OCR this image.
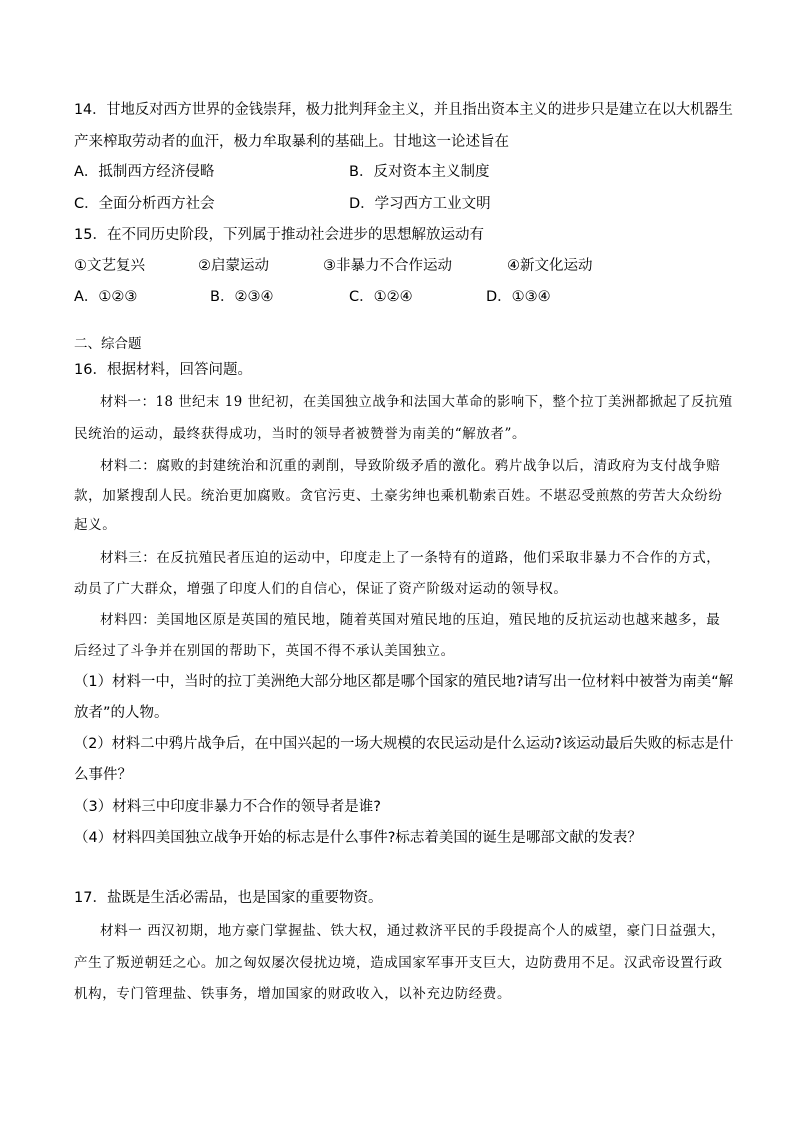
14．甘地反对西方世界的金钱崇拜，极力批判拜金主义，并且指出资本主义的进步只是建立在以大机器生
产来榨取劳动者的血汗，极力牟取暴利的基础上。甘地这一论述旨在
A．抵制西方经济侵略	B．反对资本主义制度
C．全面分析西方社会	D．学习西方工业文明
15．在不同历史阶段，下列属于推动社会进步的思想解放运动有
①文艺复兴	②启蒙运动	③非暴力不合作运动	④新文化运动
A．①②③	B．②③④	C．①②④	D．①③④
二、综合题
16．根据材料，回答问题。
材料一：18 世纪末 19 世纪初，在美国独立战争和法国大革命的影响下，整个拉丁美洲都掀起了反抗殖
民统治的运动，最终获得成功，当时的领导者被赞誉为南美的“解放者”。
材料二：腐败的封建统治和沉重的剥削，导致阶级矛盾的激化。鸦片战争以后，清政府为支付战争赔
款，加紧搜刮人民。统治更加腐败。贪官污吏、土豪劣绅也乘机勒索百姓。不堪忍受煎熬的劳苦大众纷纷
起义。
材料三：在反抗殖民者压迫的运动中，印度走上了一条特有的道路，他们采取非暴力不合作的方式，
动员了广大群众，增强了印度人们的自信心，保证了资产阶级对运动的领导权。
材料四：美国地区原是英国的殖民地，随着英国对殖民地的压迫，殖民地的反抗运动也越来越多，最
后经过了斗争并在别国的帮助下，英国不得不承认美国独立。
（1）材料一中，当时的拉丁美洲绝大部分地区都是哪个国家的殖民地?请写出一位材料中被誉为南美“解
放者”的人物。
（2）材料二中鸦片战争后，在中国兴起的一场大规模的农民运动是什么运动?该运动最后失败的标志是什
么事件？
（3）材料三中印度非暴力不合作的领导者是谁?
（4）材料四美国独立战争开始的标志是什么事件?标志着美国的诞生是哪部文献的发表？
17．盐既是生活必需品，也是国家的重要物资。
材料一 西汉初期，地方豪门掌握盐、铁大权，通过救济平民的手段提高个人的威望，豪门日益强大，
产生了叛逆朝廷之心。加之匈奴屡次侵扰边境，造成国家军事开支巨大，边防费用不足。汉武帝设置行政
机构，专门管理盐、铁事务，增加国家的财政收入，以补充边防经费。
